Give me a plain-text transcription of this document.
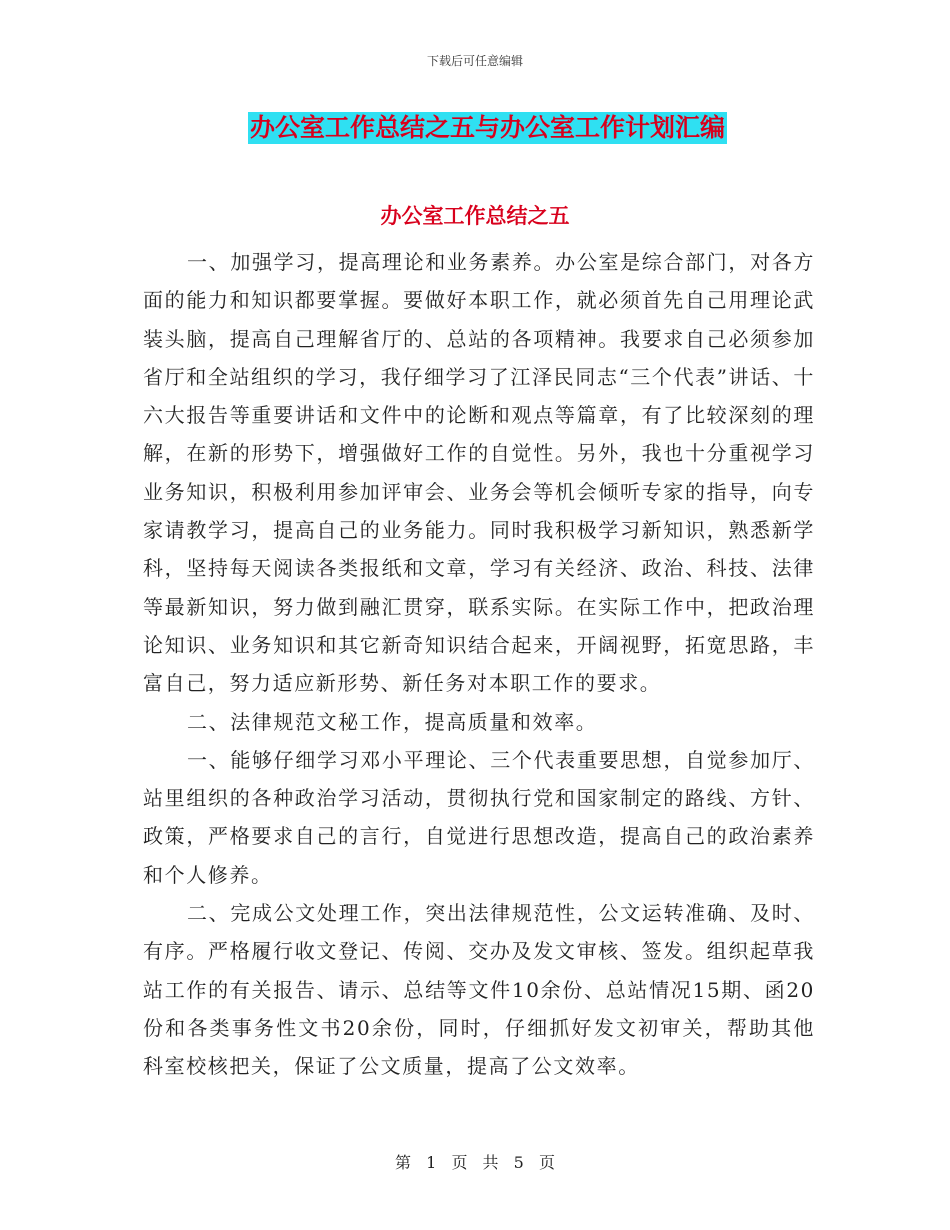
下载后可任意编辑
办公室工作总结之五与办公室工作计划汇编
办公室工作总结之五

一、加强学习，提高理论和业务素养。办公室是综合部门，对各方面的能力和知识都要掌握。要做好本职工作，就必须首先自己用理论武装头脑，提高自己理解省厅的、总站的各项精神。我要求自己必须参加省厅和全站组织的学习，我仔细学习了江泽民同志“三个代表”讲话、十六大报告等重要讲话和文件中的论断和观点等篇章，有了比较深刻的理解，在新的形势下，增强做好工作的自觉性。另外，我也十分重视学习业务知识，积极利用参加评审会、业务会等机会倾听专家的指导，向专家请教学习，提高自己的业务能力。同时我积极学习新知识，熟悉新学科，坚持每天阅读各类报纸和文章，学习有关经济、政治、科技、法律等最新知识，努力做到融汇贯穿，联系实际。在实际工作中，把政治理论知识、业务知识和其它新奇知识结合起来，开阔视野，拓宽思路，丰富自己，努力适应新形势、新任务对本职工作的要求。

二、法律规范文秘工作，提高质量和效率。

一、能够仔细学习邓小平理论、三个代表重要思想，自觉参加厅、站里组织的各种政治学习活动，贯彻执行党和国家制定的路线、方针、政策，严格要求自己的言行，自觉进行思想改造，提高自己的政治素养和个人修养。

二、完成公文处理工作，突出法律规范性，公文运转准确、及时、有序。严格履行收文登记、传阅、交办及发文审核、签发。组织起草我站工作的有关报告、请示、总结等文件10余份、总站情况15期、函20份和各类事务性文书20余份，同时，仔细抓好发文初审关，帮助其他科室校核把关，保证了公文质量，提高了公文效率。

第 1 页 共 5 页
